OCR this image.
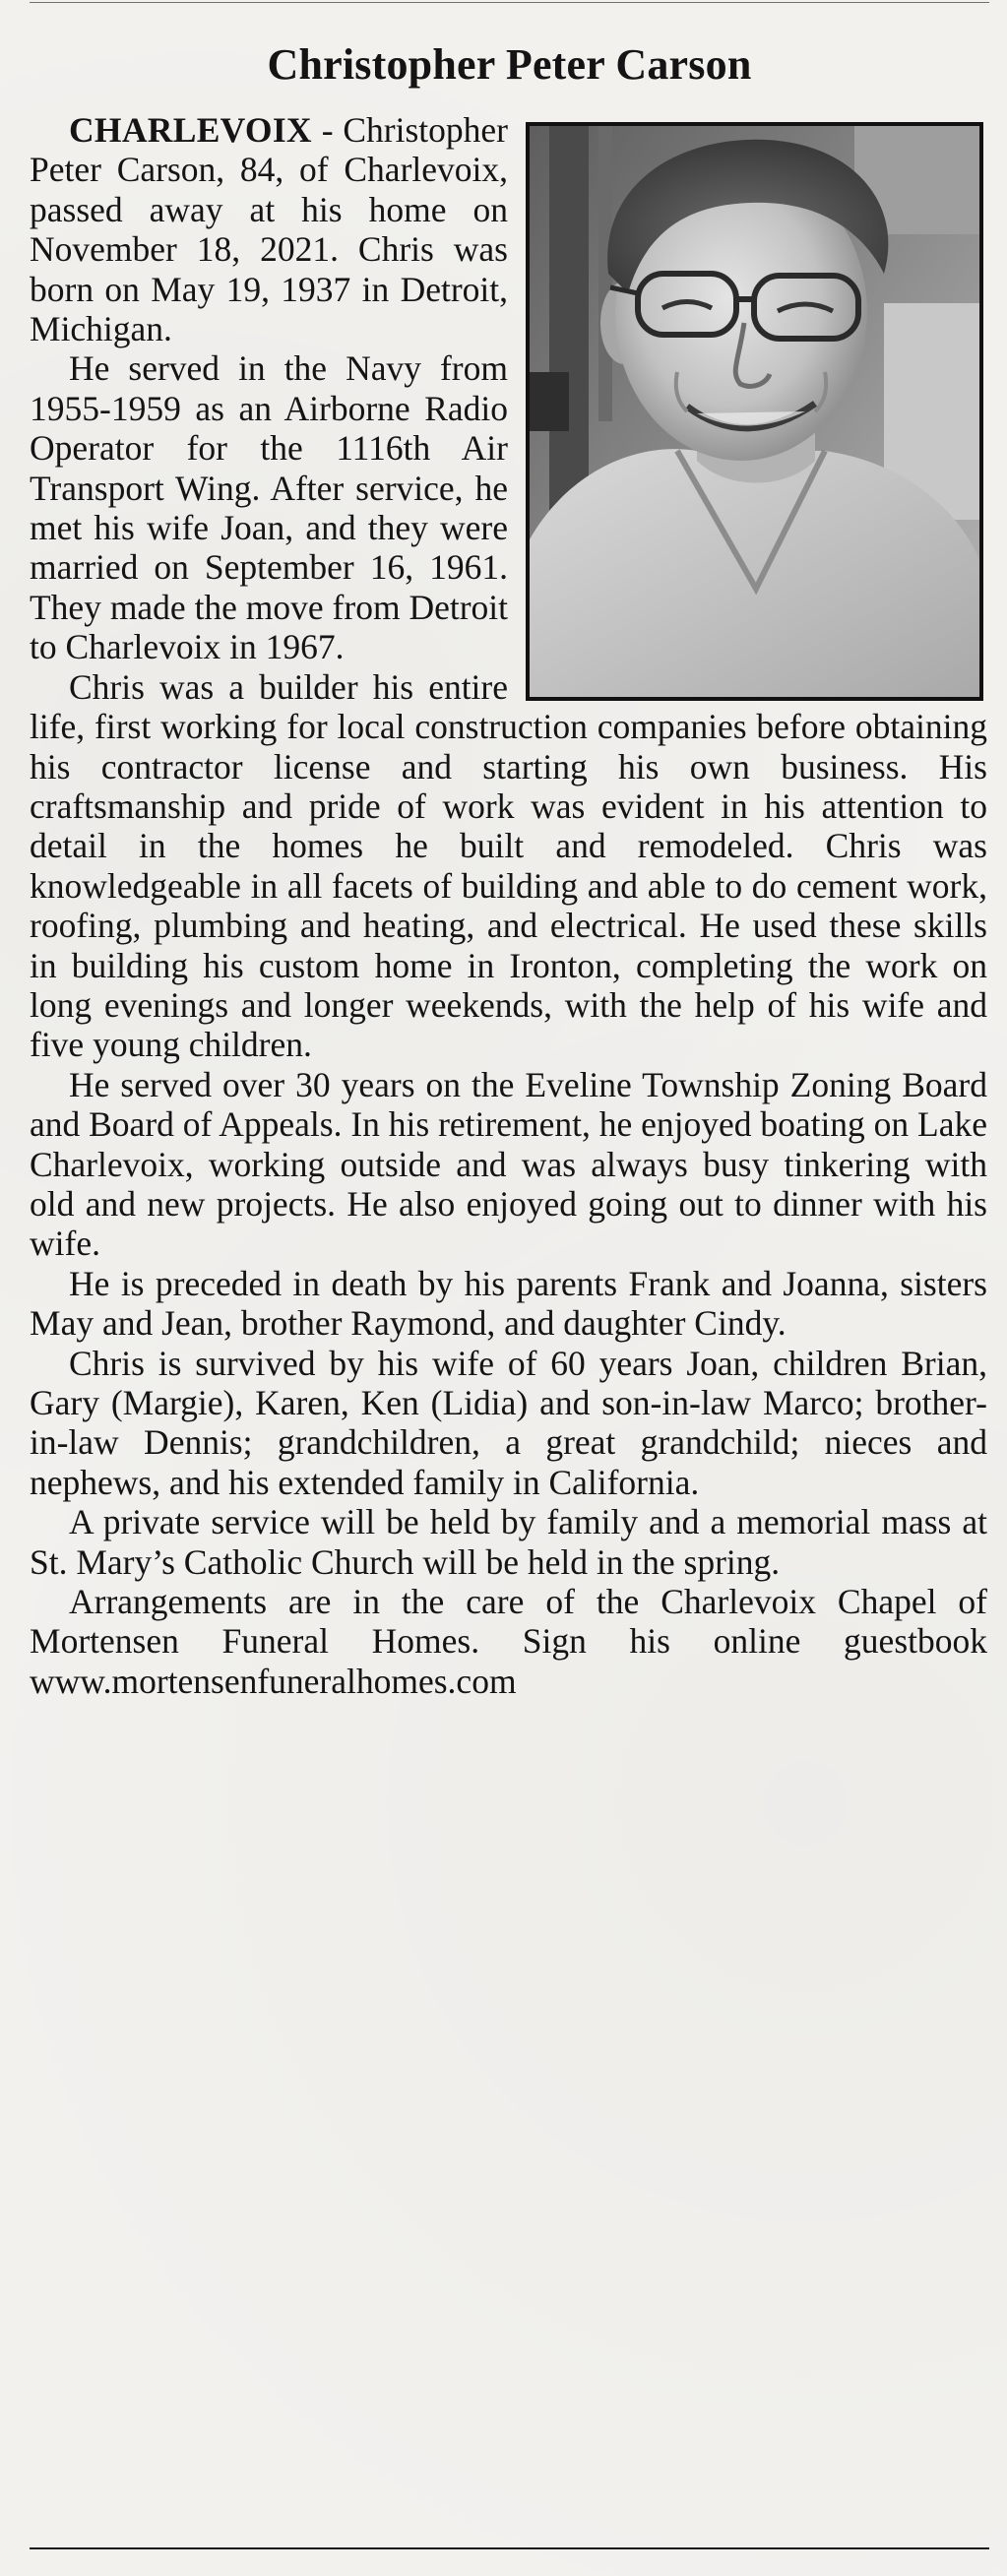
Christopher Peter Carson

CHARLEVOIX - Christopher Peter Carson, 84, of Charlevoix, passed away at his home on November 18, 2021. Chris was born on May 19, 1937 in Detroit, Michigan.

He served in the Navy from 1955-1959 as an Airborne Radio Operator for the 1116th Air Transport Wing. After service, he met his wife Joan, and they were married on September 16, 1961. They made the move from Detroit to Charlevoix in 1967.

Chris was a builder his entire life, first working for local construction companies before obtaining his contractor license and starting his own business. His craftsmanship and pride of work was evident in his attention to detail in the homes he built and remodeled. Chris was knowledgeable in all facets of building and able to do cement work, roofing, plumbing and heating, and electrical. He used these skills in building his custom home in Ironton, completing the work on long evenings and longer weekends, with the help of his wife and five young children.

He served over 30 years on the Eveline Township Zoning Board and Board of Appeals. In his retirement, he enjoyed boating on Lake Charlevoix, working outside and was always busy tinkering with old and new projects. He also enjoyed going out to dinner with his wife.

He is preceded in death by his parents Frank and Joanna, sisters May and Jean, brother Raymond, and daughter Cindy.

Chris is survived by his wife of 60 years Joan, children Brian, Gary (Margie), Karen, Ken (Lidia) and son-in-law Marco; brother-in-law Dennis; grandchildren, a great grandchild; nieces and nephews, and his extended family in California.

A private service will be held by family and a memorial mass at St. Mary’s Catholic Church will be held in the spring.

Arrangements are in the care of the Charlevoix Chapel of Mortensen Funeral Homes. Sign his online guestbook www.mortensenfuneralhomes.com
